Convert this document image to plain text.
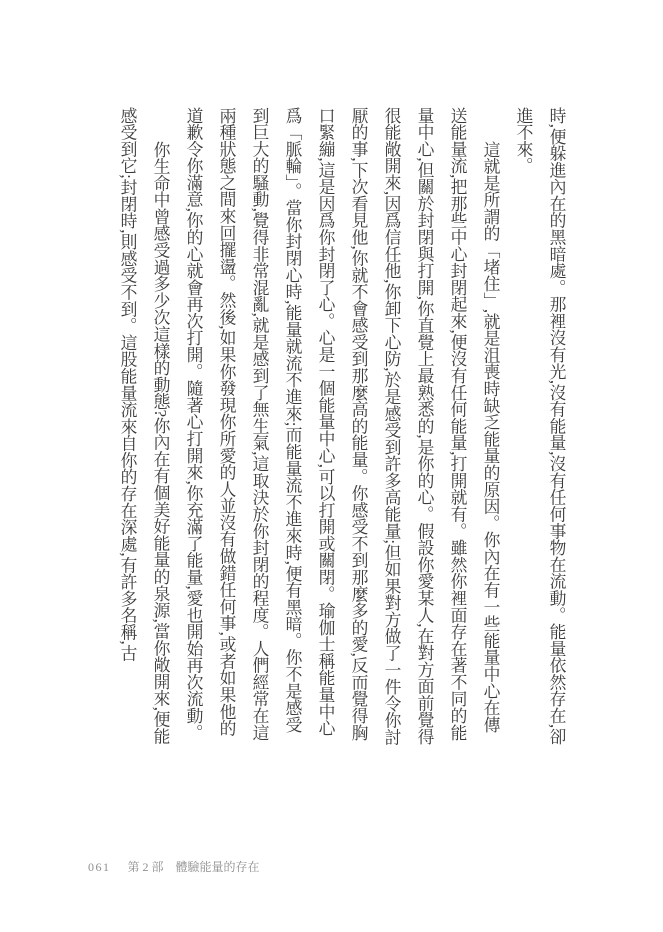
時,便躲進內在的黑暗處。那裡沒有光,沒有能量,沒有任何事物在流動。能量依然存在,卻進不來。

這就是所謂的「堵住」,就是沮喪時缺乏能量的原因。你內在有一些能量中心在傳送能量流,把那些中心封閉起來,便沒有任何能量,打開就有。雖然你裡面存在著不同的能量中心,但關於封閉與打開,你直覺上最熟悉的,是你的心。假設你愛某人,在對方面前覺得很能敞開來,因爲信任他,你卸下心防,於是感受到許多高能量;但如果對方做了一件令你討厭的事,下次看見他,你就不會感受到那麼高的能量。你感受不到那麼多的愛,反而覺得胸口緊繃,這是因爲你封閉了心。心是一個能量中心,可以打開或關閉。瑜伽士稱能量中心爲「脈輪」。當你封閉心時,能量就流不進來;而能量流不進來時,便有黑暗。你不是感受到巨大的騷動,覺得非常混亂,就是感到了無生氣,這取決於你封閉的程度。人們經常在這兩種狀態之間來回擺盪。然後,如果你發現你所愛的人並沒有做錯任何事,或者如果他的道歉令你滿意,你的心就會再次打開。隨著心打開來,你充滿了能量,愛也開始再次流動。

你生命中曾感受過多少次這樣的動態?你內在有個美好能量的泉源,當你敞開來,便能感受到它;封閉時,則感受不到。這股能量流來自你的存在深處,有許多名稱,古

061 第 2 部 體驗能量的存在
